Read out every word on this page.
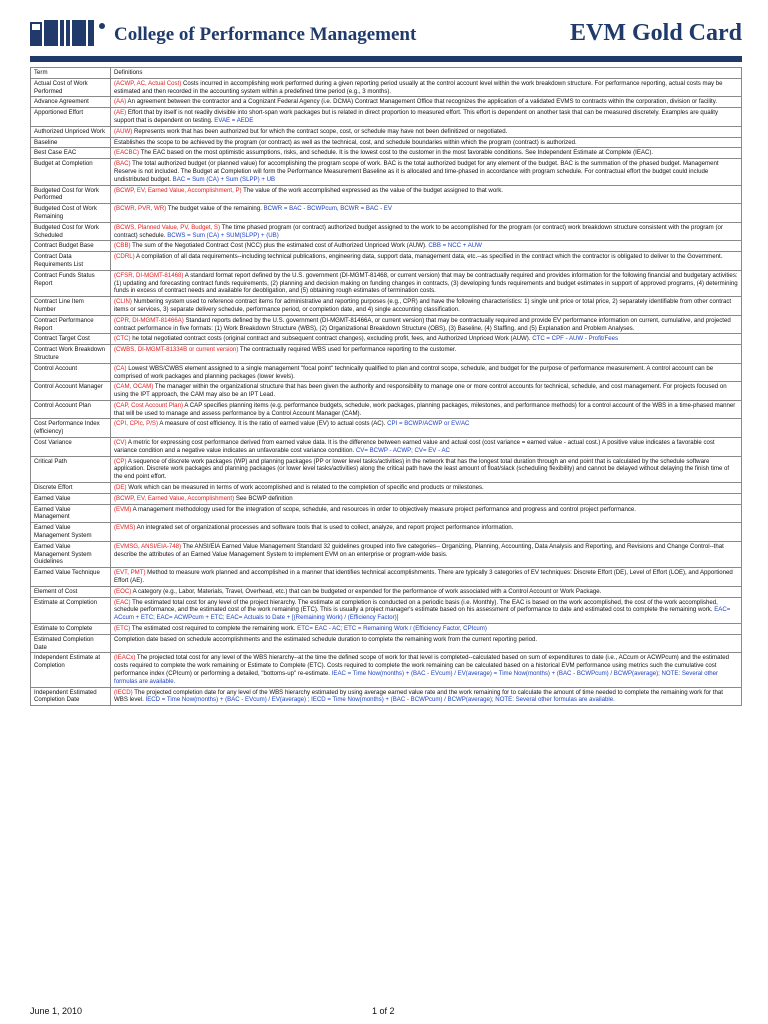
College of Performance Management	EVM Gold Card
Term	Definitions
Actual Cost of Work Performed	(ACWP, AC, Actual Cost) Costs incurred in accomplishing work performed during a given reporting period usually at the control account level within the work breakdown structure. For performance reporting, actual costs may be estimated and then recorded in the accounting system within a predefined time period (e.g., 3 months).
Advance Agreement	(AA) An agreement between the contractor and a Cognizant Federal Agency (i.e. DCMA) Contract Management Office that recognizes the application of a validated EVMS to contracts within the corporation, division or facility.
Apportioned Effort	(AE) Effort that by itself is not readily divisible into short-span work packages but is related in direct proportion to measured effort. This effort is dependent on another task that can be measured discretely. Examples are quality support that is dependent on testing. EVAE = AEDE
Authorized Unpriced Work	(AUW) Represents work that has been authorized but for which the contract scope, cost, or schedule may have not been definitized or negotiated.
Baseline	Establishes the scope to be achieved by the program (or contract) as well as the technical, cost, and schedule boundaries within which the program (contract) is authorized.
Best Case EAC	(EACBC) The EAC based on the most optimistic assumptions, risks, and schedule. It is the lowest cost to the customer in the most favorable conditions. See Independent Estimate at Complete (IEAC).
Budget at Completion	(BAC) The total authorized budget (or planned value) for accomplishing the program scope of work. BAC is the total authorized budget for any element of the budget. BAC is the summation of the phased budget. Management Reserve is not included. The Budget at Completion will form the Performance Measurement Baseline as it is allocated and time-phased in accordance with program schedule. For contractual effort the budget could include undistributed budget. BAC = Sum (CA) + Sum (SLPP) + UB
Budgeted Cost for Work Performed	(BCWP, EV, Earned Value, Accomplishment, P) The value of the work accomplished expressed as the value of the budget assigned to that work.
Budgeted Cost of Work Remaining	(BCWR, PVR, WR) The budget value of the remaining. BCWR = BAC - BCWPcum, BCWR = BAC - EV
Budgeted Cost for Work Scheduled	(BCWS, Planned Value, PV, Budget, S) The time phased program (or contract) authorized budget assigned to the work to be accomplished for the program (or contract) work breakdown structure consistent with the program (or contract) schedule. BCWS = Sum (CA) + SUM(SLPP) + (UB)
Contract Budget Base	(CBB) The sum of the Negotiated Contract Cost (NCC) plus the estimated cost of Authorized Unpriced Work (AUW). CBB = NCC + AUW
Contract Data Requirements List	(CDRL) A compilation of all data requirements--including technical publications, engineering data, support data, management data, etc.--as specified in the contract which the contractor is obligated to deliver to the Government.
Contract Funds Status Report	(CFSR, DI-MGMT-81468) A standard format report defined by the U.S. government (DI-MGMT-81468, or current version) that may be contractually required and provides information for the following financial and budgetary activities: (1) updating and forecasting contract funds requirements, (2) planning and decision making on funding changes in contracts, (3) developing funds requirements and budget estimates in support of approved programs, (4) determining funds in excess of contract needs and available for deobligation, and (5) obtaining rough estimates of termination costs.
Contract Line Item Number	(CLIN) Numbering system used to reference contract items for administrative and reporting purposes (e.g., CPR) and have the following characteristics: 1) single unit price or total price, 2) separately identifiable from other contract items or services, 3) separate delivery schedule, performance period, or completion date, and 4) single accounting classification.
Contract Performance Report	(CPR, DI-MGMT-81466A) Standard reports defined by the U.S. government (DI-MGMT-81466A, or current version) that may be contractually required and provide EV performance information on current, cumulative, and projected contract performance in five formats: (1) Work Breakdown Structure (WBS), (2) Organizational Breakdown Structure (OBS), (3) Baseline, (4) Staffing, and (5) Explanation and Problem Analyses.
Contract Target Cost	(CTC) he total negotiated contract costs (original contract and subsequent contract changes), excluding profit, fees, and Authorized Unpriced Work (AUW). CTC = CPF - AUW - Profit/Fees
Contract Work Breakdown Structure	(CWBS, DI-MGMT-81334B or current version) The contractually required WBS used for performance reporting to the customer.
Control Account	(CA) Lowest WBS/CWBS element assigned to a single management "focal point" technically qualified to plan and control scope, schedule, and budget for the purpose of performance measurement. A control account can be comprised of work packages and planning packages (lower levels).
Control Account Manager	(CAM, OCAM) The manager within the organizational structure that has been given the authority and responsibility to manage one or more control accounts for technical, schedule, and cost management. For projects focused on using the IPT approach, the CAM may also be an IPT Lead.
Control Account Plan	(CAP, Cost Account Plan) A CAP specifies planning items (e.g. performance budgets, schedule, work packages, planning packages, milestones, and performance methods) for a control account of the WBS in a time-phased manner that will be used to manage and assess performance by a Control Account Manager (CAM).
Cost Performance Index (efficiency)	(CPI, CPIc, P/S) A measure of cost efficiency. It is the ratio of earned value (EV) to actual costs (AC). CPI = BCWP/ACWP or EV/AC
Cost Variance	(CV) A metric for expressing cost performance derived from earned value data. It is the difference between earned value and actual cost (cost variance = earned value - actual cost.) A positive value indicates a favorable cost variance condition and a negative value indicates an unfavorable cost variance condition. CV= BCWP - ACWP; CV= EV - AC
Critical Path	(CP) A sequence of discrete work packages (WP) and planning packages (PP or lower level tasks/activities) in the network that has the longest total duration through an end point that is calculated by the schedule software application. Discrete work packages and planning packages (or lower level tasks/activities) along the critical path have the least amount of float/slack (scheduling flexibility) and cannot be delayed without delaying the finish time of the end point effort.
Discrete Effort	(DE) Work which can be measured in terms of work accomplished and is related to the completion of specific end products or milestones.
Earned Value	(BCWP, EV, Earned Value, Accomplishment) See BCWP definition
Earned Value Management	(EVM) A management methodology used for the integration of scope, schedule, and resources in order to objectively measure project performance and progress and control project performance.
Earned Value Management System	(EVMS) An integrated set of organizational processes and software tools that is used to collect, analyze, and report project performance information.
Earned Value Management System Guidelines	(EVMSG, ANSI/EIA-748) The ANSI/EIA Earned Value Management Standard 32 guidelines grouped into five categories-- Organizing, Planning, Accounting, Data Analysis and Reporting, and Revisions and Change Control--that describe the attributes of an Earned Value Management System to implement EVM on an enterprise or program-wide basis.
Earned Value Technique	(EVT, PMT) Method to measure work planned and accomplished in a manner that identifies technical accomplishments. There are typically 3 categories of EV techniques: Discrete Effort (DE), Level of Effort (LOE), and Apportioned Effort (AE).
Element of Cost	(EOC) A category (e.g., Labor, Materials, Travel, Overhead, etc.) that can be budgeted or expended for the performance of work associated with a Control Account or Work Package.
Estimate at Completion	(EAC) The estimated total cost for any level of the project hierarchy. The estimate at completion is conducted on a periodic basis (i.e. Monthly). The EAC is based on the work accomplished, the cost of the work accomplished, schedule performance, and the estimated cost of the work remaining (ETC). This is usually a project manager's estimate based on his assessment of performance to date and estimated cost to complete the remaining work. EAC= ACcum + ETC; EAC= ACWPcum + ETC; EAC= Actuals to Date + [(Remaining Work) / (Efficiency Factor)]
Estimate to Complete	(ETC) The estimated cost required to complete the remaining work. ETC= EAC - AC; ETC = Remaining Work / (Efficiency Factor, CPIcum)
Estimated Completion Date	Completion date based on schedule accomplishments and the estimated schedule duration to complete the remaining work from the current reporting period.
Independent Estimate at Completion	(IEACx) The projected total cost for any level of the WBS hierarchy--at the time the defined scope of work for that level is completed--calculated based on sum of expenditures to date (i.e., ACcum or ACWPcum) and the estimated costs required to complete the work remaining or Estimate to Complete (ETC). Costs required to complete the work remaining can be calculated based on a historical EVM performance using metrics such the cumulative cost performance index (CPIcum) or performing a detailed, "bottoms-up" re-estimate. IEAC = Time Now(months) + (BAC - EVcum) / EV(average) = Time Now(months) + (BAC - BCWPcum) / BCWP(average); NOTE: Several other formulas are available.
Independent Estimated Completion Date	(IECD) The projected completion date for any level of the WBS hierarchy estimated by using average earned value rate and the work remaining for to calculate the amount of time needed to complete the remaining work for that WBS level. IECD = Time Now(months) + (BAC - EVcum) / EV(average) ; IECD = Time Now(months) + (BAC - BCWPcum) / BCWP(average); NOTE: Several other formulas are available.
June 1, 2010	1 of 2
